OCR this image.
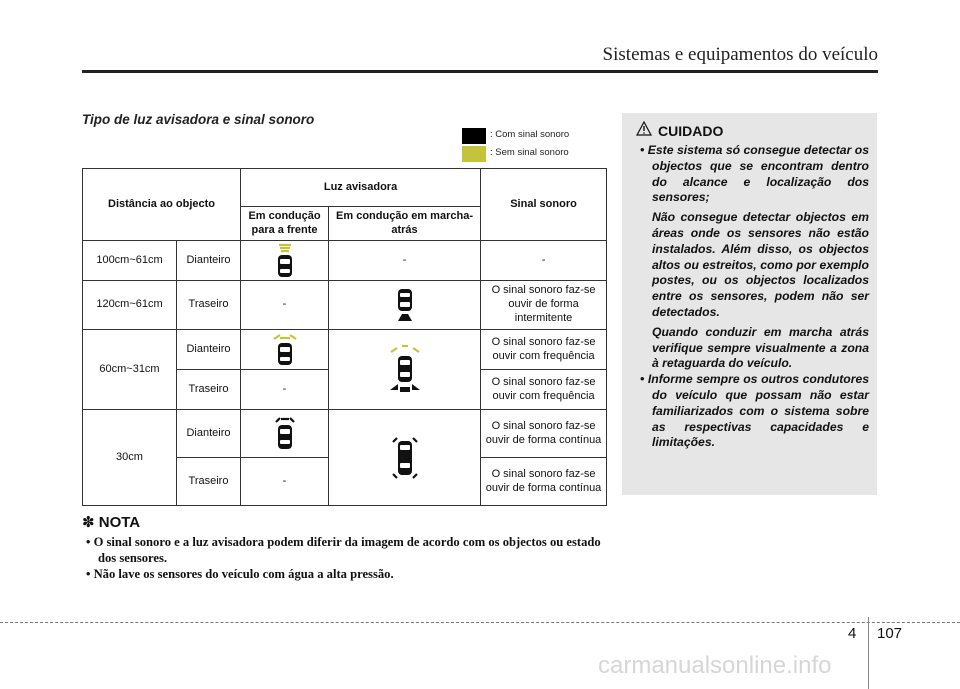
Sistemas e equipamentos do veículo
Tipo de luz avisadora e sinal sonoro
: Com sinal sonoro
: Sem sinal sonoro
Distância ao objecto		Luz avisadora		Sinal sonoro
		Em condução para a frente	Em condução em marcha-atrás	
100cm~61cm	Dianteiro		-	-
120cm~61cm	Traseiro	-		O sinal sonoro faz-se ouvir de forma intermitente
60cm~31cm	Dianteiro			O sinal sonoro faz-se ouvir com frequência
	Traseiro	-		O sinal sonoro faz-se ouvir com frequência
30cm	Dianteiro			O sinal sonoro faz-se ouvir de forma contínua
	Traseiro	-		O sinal sonoro faz-se ouvir de forma contínua
✽ NOTA
• O sinal sonoro e a luz avisadora podem diferir da imagem de acordo com os objectos ou estado dos sensores.
• Não lave os sensores do veículo com água a alta pressão.
CUIDADO
• Este sistema só consegue detectar os objectos que se encontram dentro do alcance e localização dos sensores;
Não consegue detectar objectos em áreas onde os sensores não estão instalados. Além disso, os objectos altos ou estreitos, como por exemplo postes, ou os objectos localizados entre os sensores, podem não ser detectados.
Quando conduzir em marcha atrás verifique sempre visualmente a zona à retaguarda do veículo.
• Informe sempre os outros condutores do veículo que possam não estar familiarizados com o sistema sobre as respectivas capacidades e limitações.
4 107
carmanualsonline.info
